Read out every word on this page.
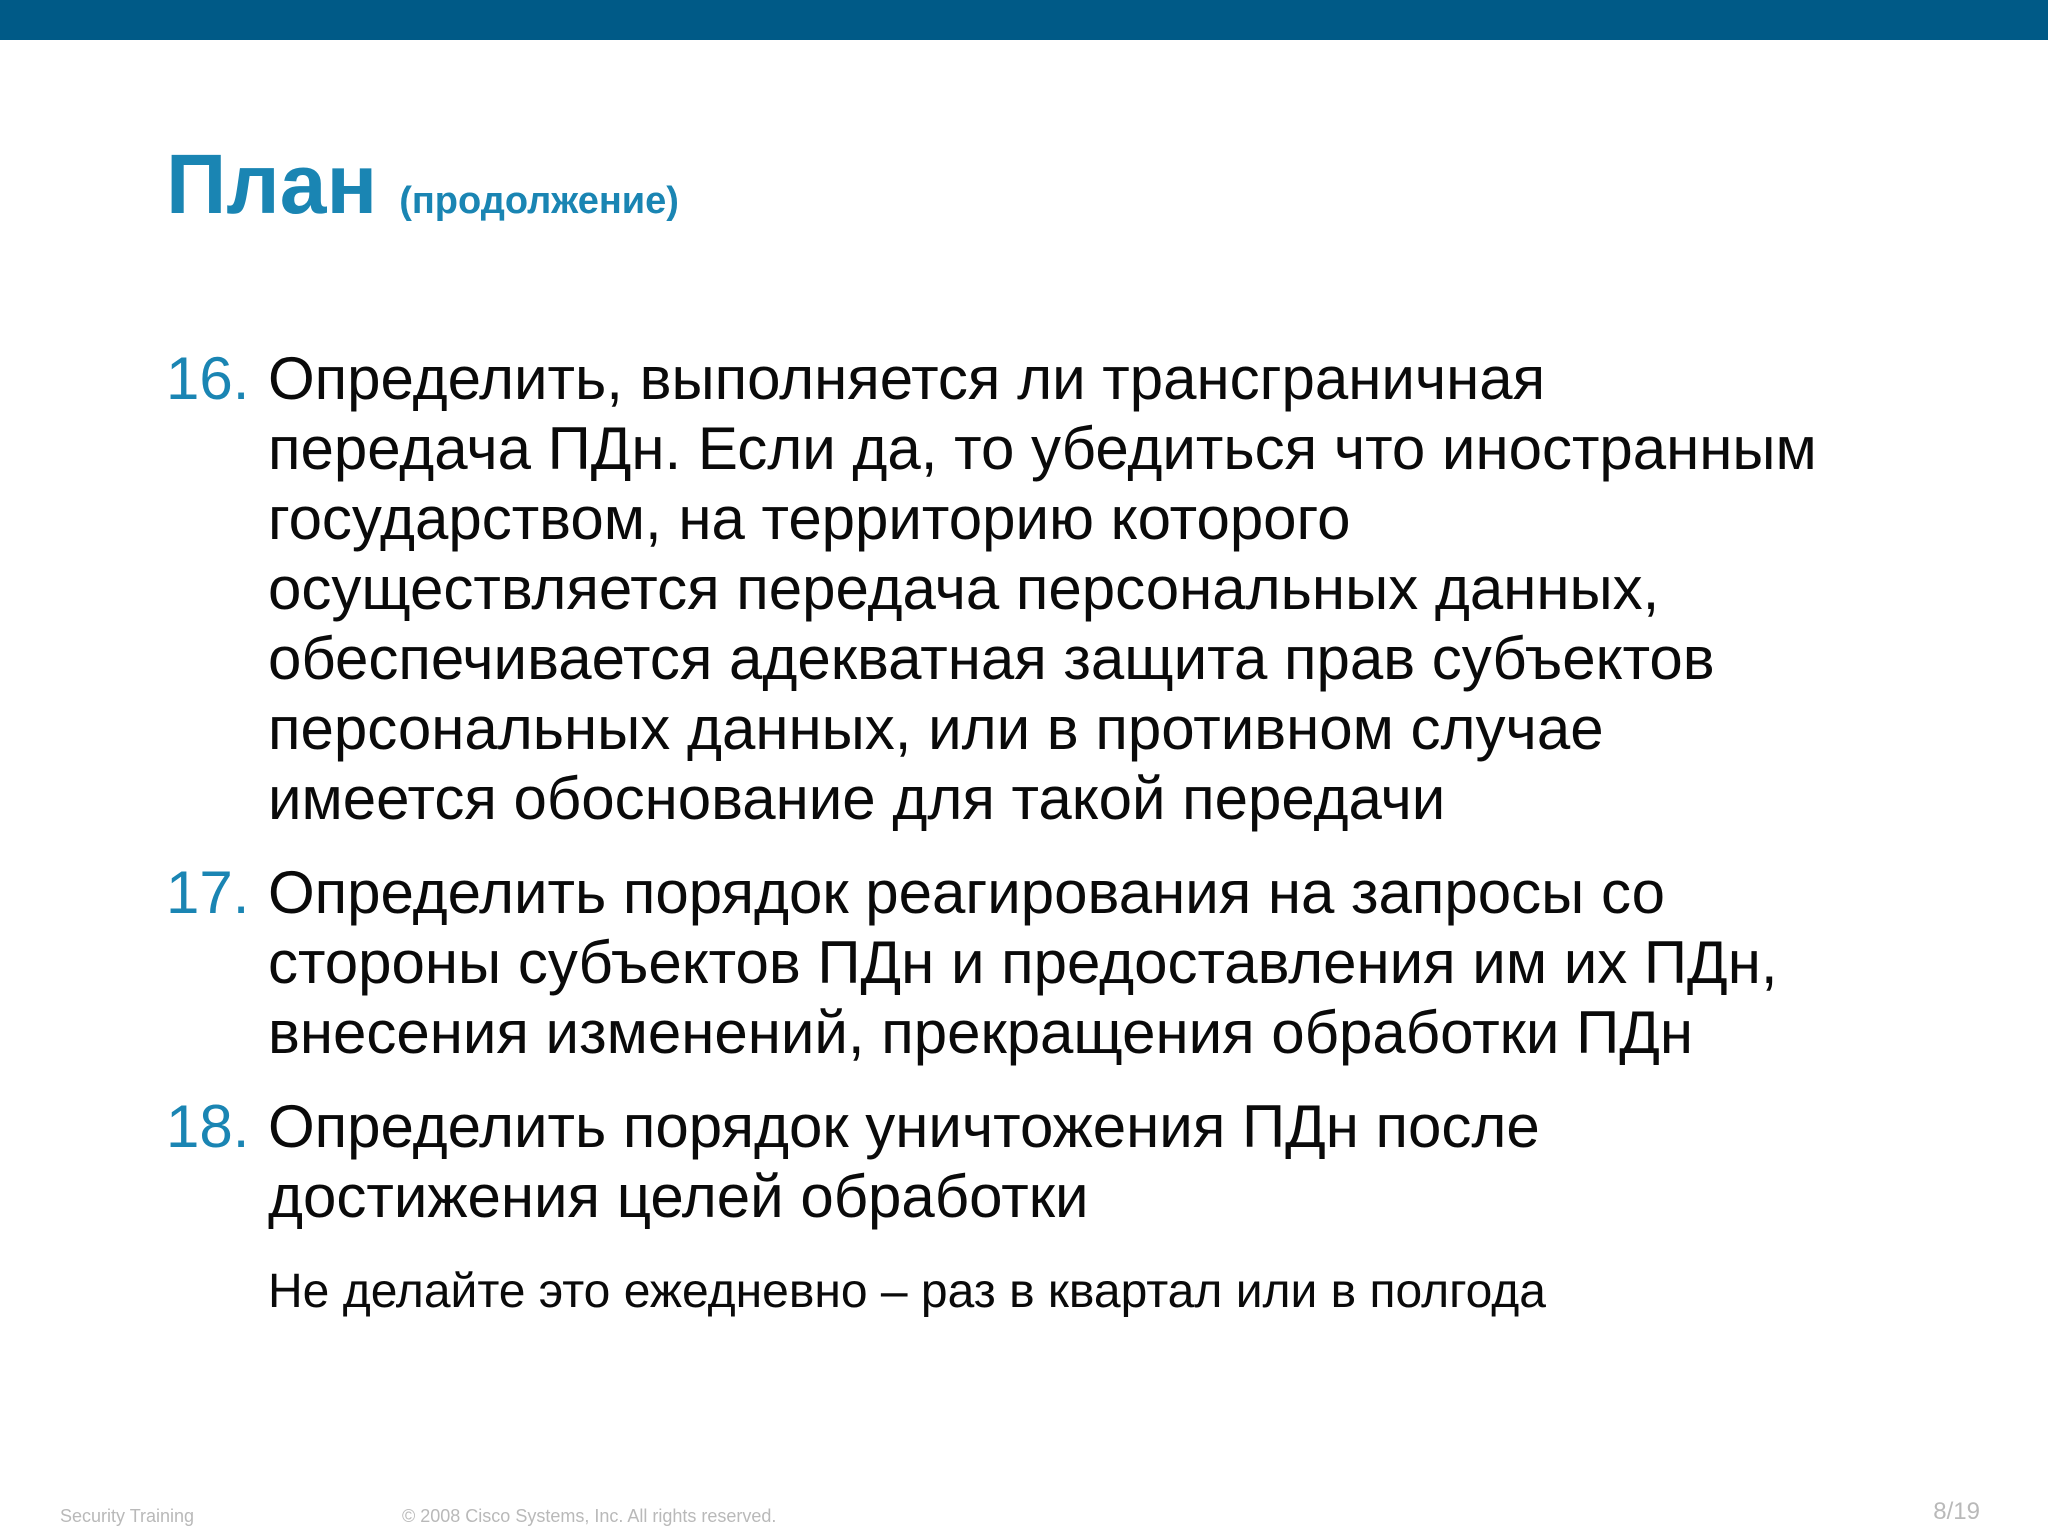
План (продолжение)
16. Определить, выполняется ли трансграничная
передача ПДн. Если да, то убедиться что иностранным
государством, на территорию которого
осуществляется передача персональных данных,
обеспечивается адекватная защита прав субъектов
персональных данных, или в противном случае
имеется обоснование для такой передачи
17. Определить порядок реагирования на запросы со
стороны субъектов ПДн и предоставления им их ПДн,
внесения изменений, прекращения обработки ПДн
18. Определить порядок уничтожения ПДн после
достижения целей обработки
Не делайте это ежедневно – раз в квартал или в полгода
Security Training	© 2008 Cisco Systems, Inc. All rights reserved.	8/19
